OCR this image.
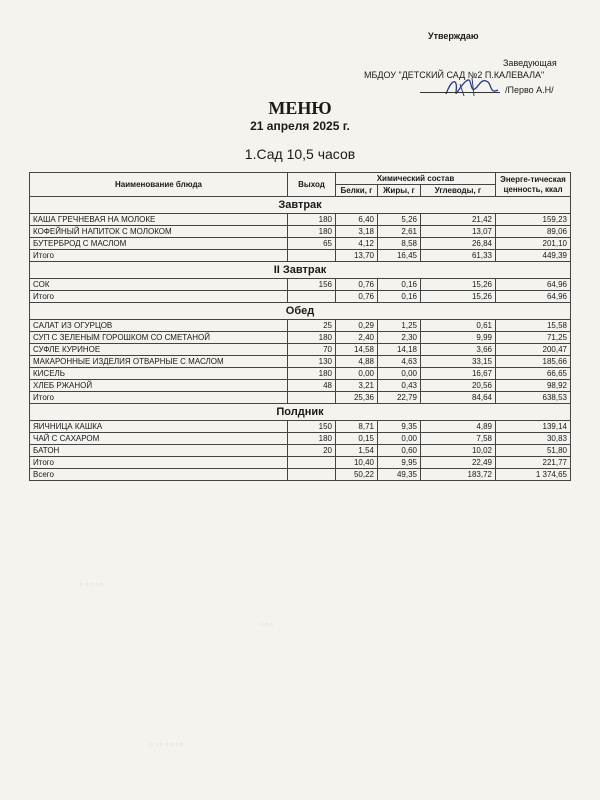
Утверждаю
Заведующая
МБДОУ "ДЕТСКИЙ САД №2 П.КАЛЕВАЛА"
/Перво А.Н/
МЕНЮ
21 апреля 2025 г.
1.Сад 10,5 часов
Наименование блюда	Выход	Химический состав			Энерге-тическая ценность, ккал
		Белки, г	Жиры, г	Углеводы, г	
Завтрак					
КАША ГРЕЧНЕВАЯ НА МОЛОКЕ	180	6,40	5,26	21,42	159,23
КОФЕЙНЫЙ НАПИТОК С МОЛОКОМ	180	3,18	2,61	13,07	89,06
БУТЕРБРОД С МАСЛОМ	65	4,12	8,58	26,84	201,10
Итого		13,70	16,45	61,33	449,39
II Завтрак					
СОК	156	0,76	0,16	15,26	64,96
Итого		0,76	0,16	15,26	64,96
Обед					
САЛАТ ИЗ ОГУРЦОВ	25	0,29	1,25	0,61	15,58
СУП С ЗЕЛЕНЫМ ГОРОШКОМ СО СМЕТАНОЙ	180	2,40	2,30	9,99	71,25
СУФЛЕ КУРИНОЕ	70	14,58	14,18	3,66	200,47
МАКАРОННЫЕ ИЗДЕЛИЯ ОТВАРНЫЕ С МАСЛОМ	130	4,88	4,63	33,15	185,66
КИСЕЛЬ	180	0,00	0,00	16,67	66,65
ХЛЕБ РЖАНОЙ	48	3,21	0,43	20,56	98,92
Итого		25,36	22,79	84,64	638,53
Полдник					
ЯИЧНИЦА КАШКА	150	8,71	9,35	4,89	139,14
ЧАЙ С САХАРОМ	180	0,15	0,00	7,58	30,83
БАТОН	20	1,54	0,60	10,02	51,80
Итого		10,40	9,95	22,49	221,77
Всего		50,22	49,35	183,72	1 374,65
▫ ▫ ▫ ▫ ▫
▫ ▫ ▫
▫ ▫ ▫ ▫ ▫ ▫ ▫
